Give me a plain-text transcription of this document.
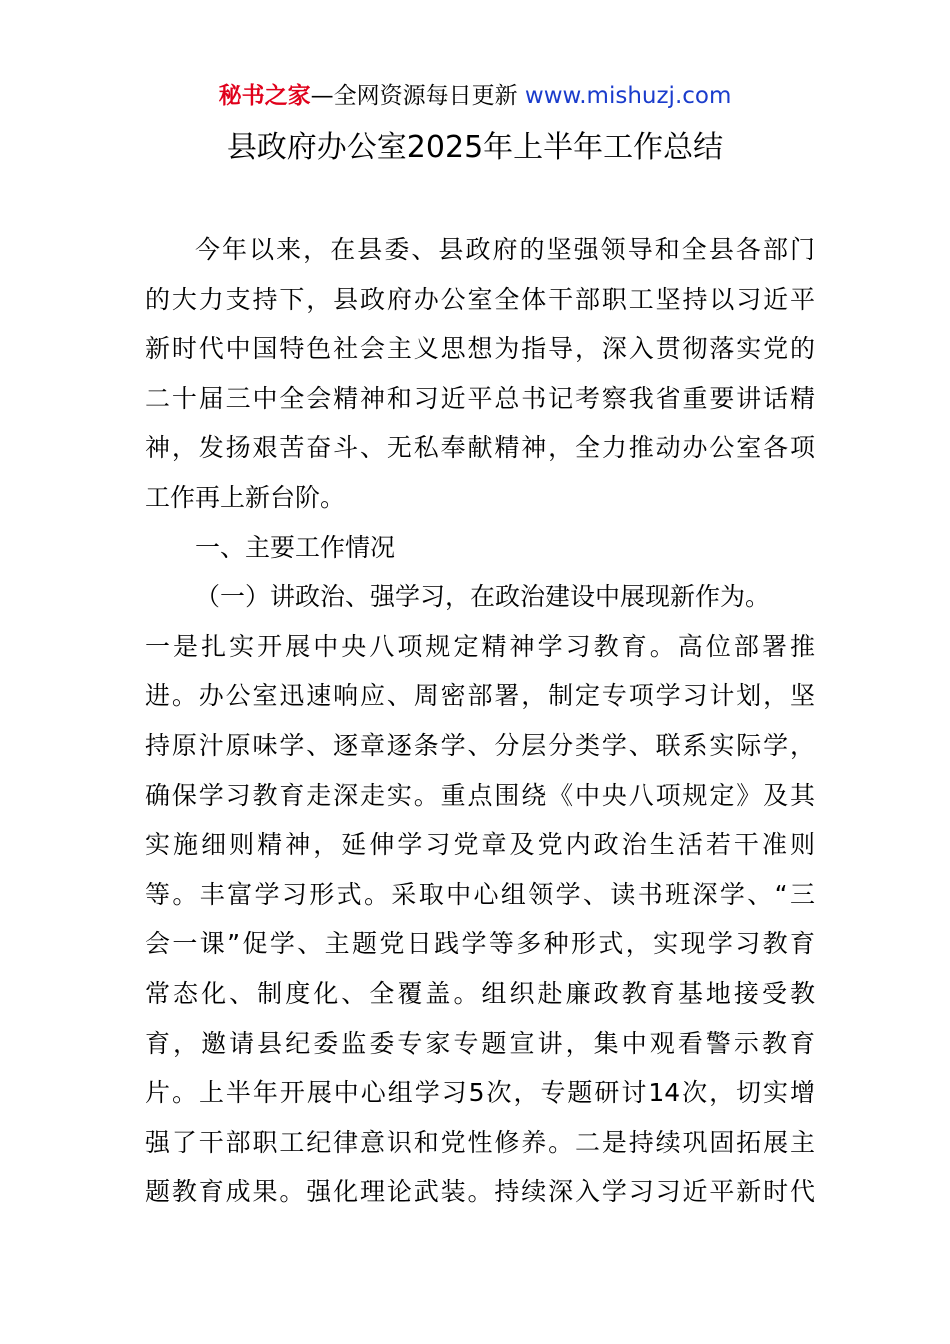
秘书之家—全网资源每日更新 www.mishuzj.com
县政府办公室2025年上半年工作总结
今年以来，在县委、县政府的坚强领导和全县各部门
的大力支持下，县政府办公室全体干部职工坚持以习近平
新时代中国特色社会主义思想为指导，深入贯彻落实党的
二十届三中全会精神和习近平总书记考察我省重要讲话精
神，发扬艰苦奋斗、无私奉献精神，全力推动办公室各项
工作再上新台阶。
一、主要工作情况
（一）讲政治、强学习，在政治建设中展现新作为。
一是扎实开展中央八项规定精神学习教育。高位部署推
进。办公室迅速响应、周密部署，制定专项学习计划，坚
持原汁原味学、逐章逐条学、分层分类学、联系实际学，
确保学习教育走深走实。重点围绕《中央八项规定》及其
实施细则精神，延伸学习党章及党内政治生活若干准则
等。丰富学习形式。采取中心组领学、读书班深学、“三
会一课”促学、主题党日践学等多种形式，实现学习教育
常态化、制度化、全覆盖。组织赴廉政教育基地接受教
育，邀请县纪委监委专家专题宣讲，集中观看警示教育
片。上半年开展中心组学习5次，专题研讨14次，切实增
强了干部职工纪律意识和党性修养。二是持续巩固拓展主
题教育成果。强化理论武装。持续深入学习习近平新时代
